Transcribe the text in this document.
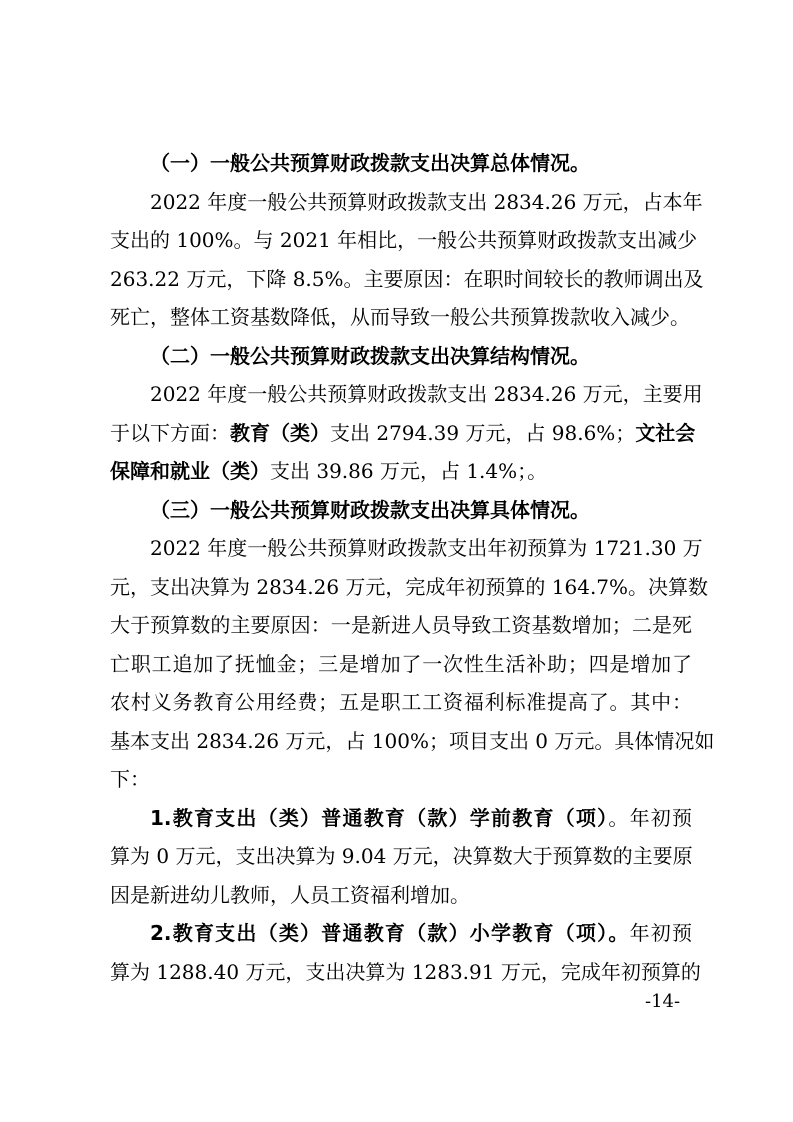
（一）一般公共预算财政拨款支出决算总体情况。
2022 年度一般公共预算财政拨款支出 2834.26 万元，占本年
支出的 100%。与 2021 年相比，一般公共预算财政拨款支出减少
263.22 万元，下降 8.5%。主要原因：在职时间较长的教师调出及
死亡，整体工资基数降低，从而导致一般公共预算拨款收入减少。
（二）一般公共预算财政拨款支出决算结构情况。
2022 年度一般公共预算财政拨款支出 2834.26 万元，主要用
于以下方面：教育（类）支出 2794.39 万元，占 98.6%；文社会
保障和就业（类）支出 39.86 万元，占 1.4%；。
（三）一般公共预算财政拨款支出决算具体情况。
2022 年度一般公共预算财政拨款支出年初预算为 1721.30 万
元，支出决算为 2834.26 万元，完成年初预算的 164.7%。决算数
大于预算数的主要原因：一是新进人员导致工资基数增加；二是死
亡职工追加了抚恤金；三是增加了一次性生活补助；四是增加了
农村义务教育公用经费；五是职工工资福利标准提高了。其中：
基本支出 2834.26 万元，占 100%；项目支出 0 万元。具体情况如
下：
1.教育支出（类）普通教育（款）学前教育（项）。年初预
算为 0 万元，支出决算为 9.04 万元，决算数大于预算数的主要原
因是新进幼儿教师，人员工资福利增加。
2.教育支出（类）普通教育（款）小学教育（项）。年初预
算为 1288.40 万元，支出决算为 1283.91 万元，完成年初预算的
-14-
